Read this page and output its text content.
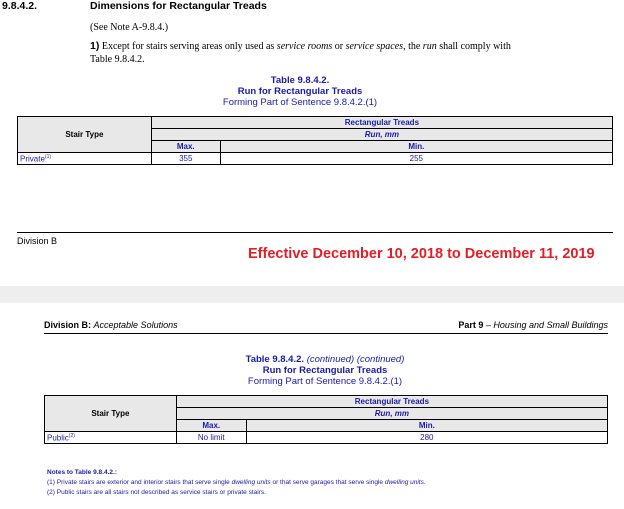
9.8.4.2.	Dimensions for Rectangular Treads
(See Note A-9.8.4.)
1) Except for stairs serving areas only used as service rooms or service spaces, the run shall comply with
Table 9.8.4.2.
Table 9.8.4.2.
Run for Rectangular Treads
Forming Part of Sentence 9.8.4.2.(1)
Stair Type	Rectangular Treads	
	Run, mm	
	Max.	Min.
Private$^{(1)}$	355	255
Division B
Effective December 10, 2018 to December 11, 2019
Division B: Acceptable Solutions	Part 9 – Housing and Small Buildings
Table 9.8.4.2. (continued) (continued)
Run for Rectangular Treads
Forming Part of Sentence 9.8.4.2.(1)
Stair Type	Rectangular Treads	
	Run, mm	
	Max.	Min.
Public$^{(2)}$	No limit	280
Notes to Table 9.8.4.2.:
(1) Private stairs are exterior and interior stairs that serve single dwelling units or that serve garages that serve single dwelling units.
(2) Public stairs are all stairs not described as service stairs or private stairs.
